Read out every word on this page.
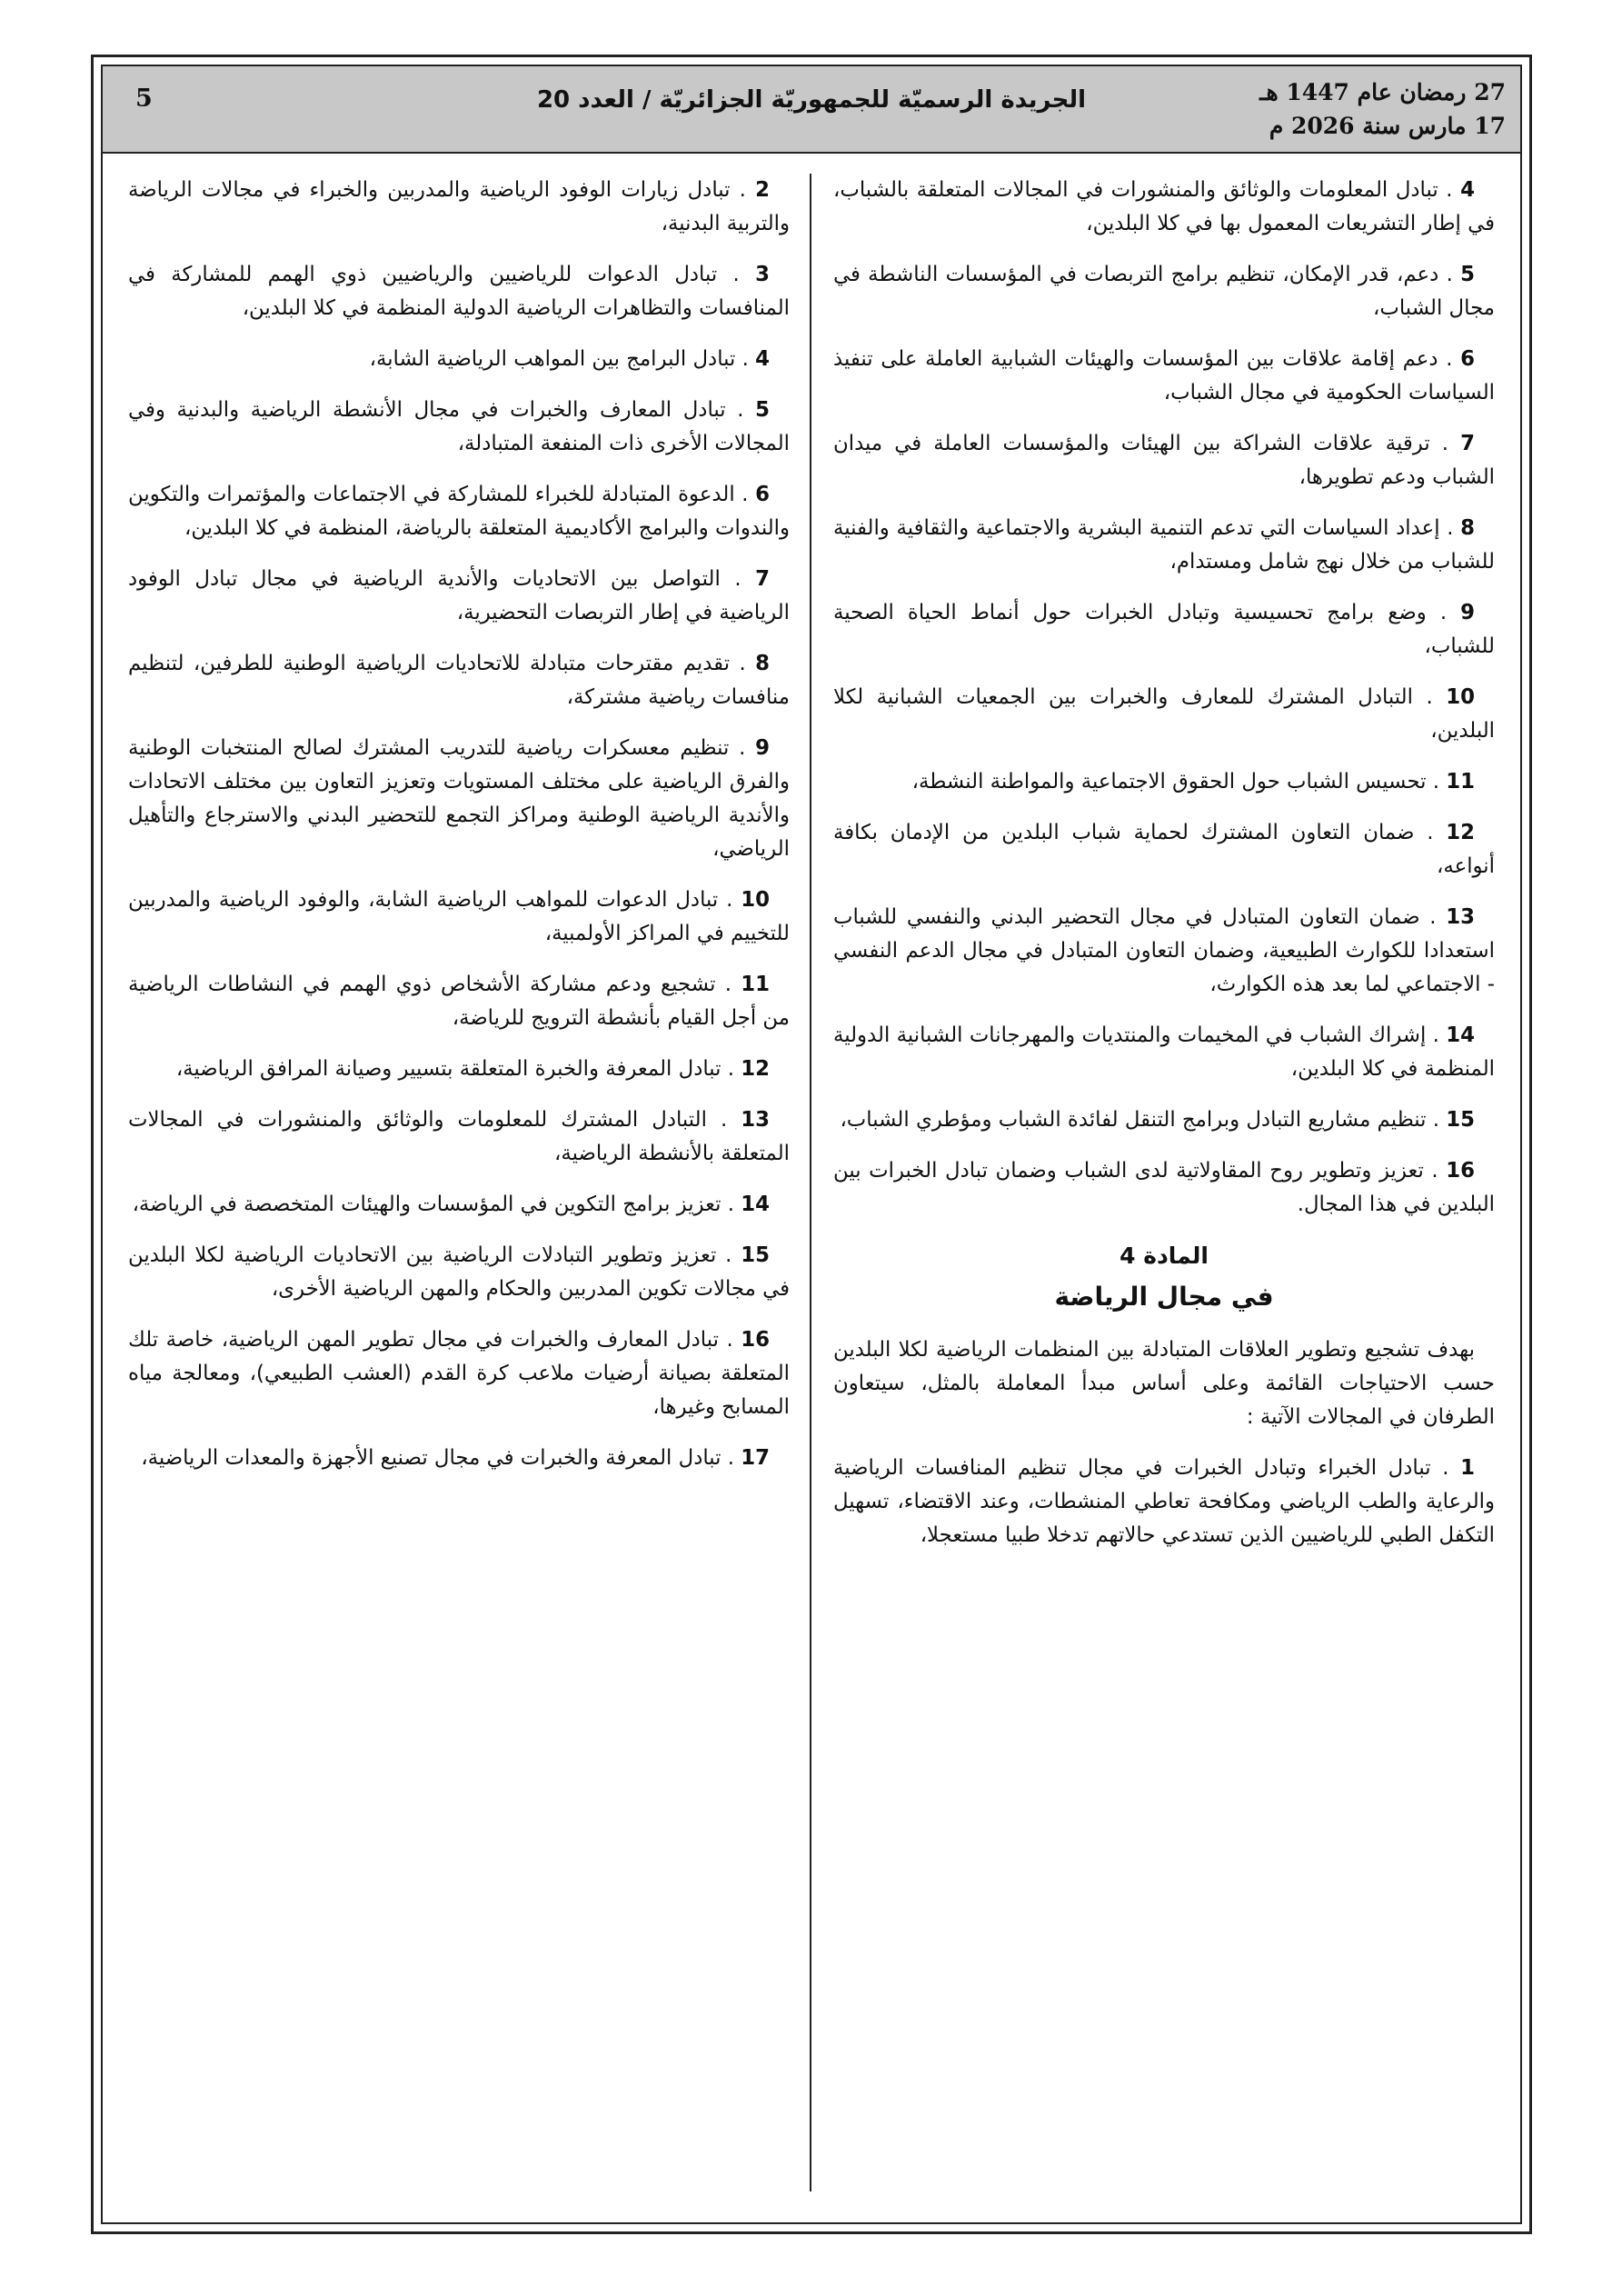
27 رمضان عام 1447 هـ
17 مارس سنة 2026 م
الجريدة الرسميّة للجمهوريّة الجزائريّة / العدد 20
5

4 . تبادل المعلومات والوثائق والمنشورات في المجالات المتعلقة بالشباب، في إطار التشريعات المعمول بها في كلا البلدين،

5 . دعم، قدر الإمكان، تنظيم برامج التربصات في المؤسسات الناشطة في مجال الشباب،

6 . دعم إقامة علاقات بين المؤسسات والهيئات الشبابية العاملة على تنفيذ السياسات الحكومية في مجال الشباب،

7 . ترقية علاقات الشراكة بين الهيئات والمؤسسات العاملة في ميدان الشباب ودعم تطويرها،

8 . إعداد السياسات التي تدعم التنمية البشرية والاجتماعية والثقافية والفنية للشباب من خلال نهج شامل ومستدام،

9 . وضع برامج تحسيسية وتبادل الخبرات حول أنماط الحياة الصحية للشباب،

10 . التبادل المشترك للمعارف والخبرات بين الجمعيات الشبانية لكلا البلدين،

11 . تحسيس الشباب حول الحقوق الاجتماعية والمواطنة النشطة،

12 . ضمان التعاون المشترك لحماية شباب البلدين من الإدمان بكافة أنواعه،

13 . ضمان التعاون المتبادل في مجال التحضير البدني والنفسي للشباب استعدادا للكوارث الطبيعية، وضمان التعاون المتبادل في مجال الدعم النفسي - الاجتماعي لما بعد هذه الكوارث،

14 . إشراك الشباب في المخيمات والمنتديات والمهرجانات الشبانية الدولية المنظمة في كلا البلدين،

15 . تنظيم مشاريع التبادل وبرامج التنقل لفائدة الشباب ومؤطري الشباب،

16 . تعزيز وتطوير روح المقاولاتية لدى الشباب وضمان تبادل الخبرات بين البلدين في هذا المجال.

المادة 4
في مجال الرياضة

بهدف تشجيع وتطوير العلاقات المتبادلة بين المنظمات الرياضية لكلا البلدين حسب الاحتياجات القائمة وعلى أساس مبدأ المعاملة بالمثل، سيتعاون الطرفان في المجالات الآتية :

1 . تبادل الخبراء وتبادل الخبرات في مجال تنظيم المنافسات الرياضية والرعاية والطب الرياضي ومكافحة تعاطي المنشطات، وعند الاقتضاء، تسهيل التكفل الطبي للرياضيين الذين تستدعي حالاتهم تدخلا طبيا مستعجلا،

2 . تبادل زيارات الوفود الرياضية والمدربين والخبراء في مجالات الرياضة والتربية البدنية،

3 . تبادل الدعوات للرياضيين والرياضيين ذوي الهمم للمشاركة في المنافسات والتظاهرات الرياضية الدولية المنظمة في كلا البلدين،

4 . تبادل البرامج بين المواهب الرياضية الشابة،

5 . تبادل المعارف والخبرات في مجال الأنشطة الرياضية والبدنية وفي المجالات الأخرى ذات المنفعة المتبادلة،

6 . الدعوة المتبادلة للخبراء للمشاركة في الاجتماعات والمؤتمرات والتكوين والندوات والبرامج الأكاديمية المتعلقة بالرياضة، المنظمة في كلا البلدين،

7 . التواصل بين الاتحاديات والأندية الرياضية في مجال تبادل الوفود الرياضية في إطار التربصات التحضيرية،

8 . تقديم مقترحات متبادلة للاتحاديات الرياضية الوطنية للطرفين، لتنظيم منافسات رياضية مشتركة،

9 . تنظيم معسكرات رياضية للتدريب المشترك لصالح المنتخبات الوطنية والفرق الرياضية على مختلف المستويات وتعزيز التعاون بين مختلف الاتحادات والأندية الرياضية الوطنية ومراكز التجمع للتحضير البدني والاسترجاع والتأهيل الرياضي،

10 . تبادل الدعوات للمواهب الرياضية الشابة، والوفود الرياضية والمدربين للتخييم في المراكز الأولمبية،

11 . تشجيع ودعم مشاركة الأشخاص ذوي الهمم في النشاطات الرياضية من أجل القيام بأنشطة الترويج للرياضة،

12 . تبادل المعرفة والخبرة المتعلقة بتسيير وصيانة المرافق الرياضية،

13 . التبادل المشترك للمعلومات والوثائق والمنشورات في المجالات المتعلقة بالأنشطة الرياضية،

14 . تعزيز برامج التكوين في المؤسسات والهيئات المتخصصة في الرياضة،

15 . تعزيز وتطوير التبادلات الرياضية بين الاتحاديات الرياضية لكلا البلدين في مجالات تكوين المدربين والحكام والمهن الرياضية الأخرى،

16 . تبادل المعارف والخبرات في مجال تطوير المهن الرياضية، خاصة تلك المتعلقة بصيانة أرضيات ملاعب كرة القدم (العشب الطبيعي)، ومعالجة مياه المسابح وغيرها،

17 . تبادل المعرفة والخبرات في مجال تصنيع الأجهزة والمعدات الرياضية،
